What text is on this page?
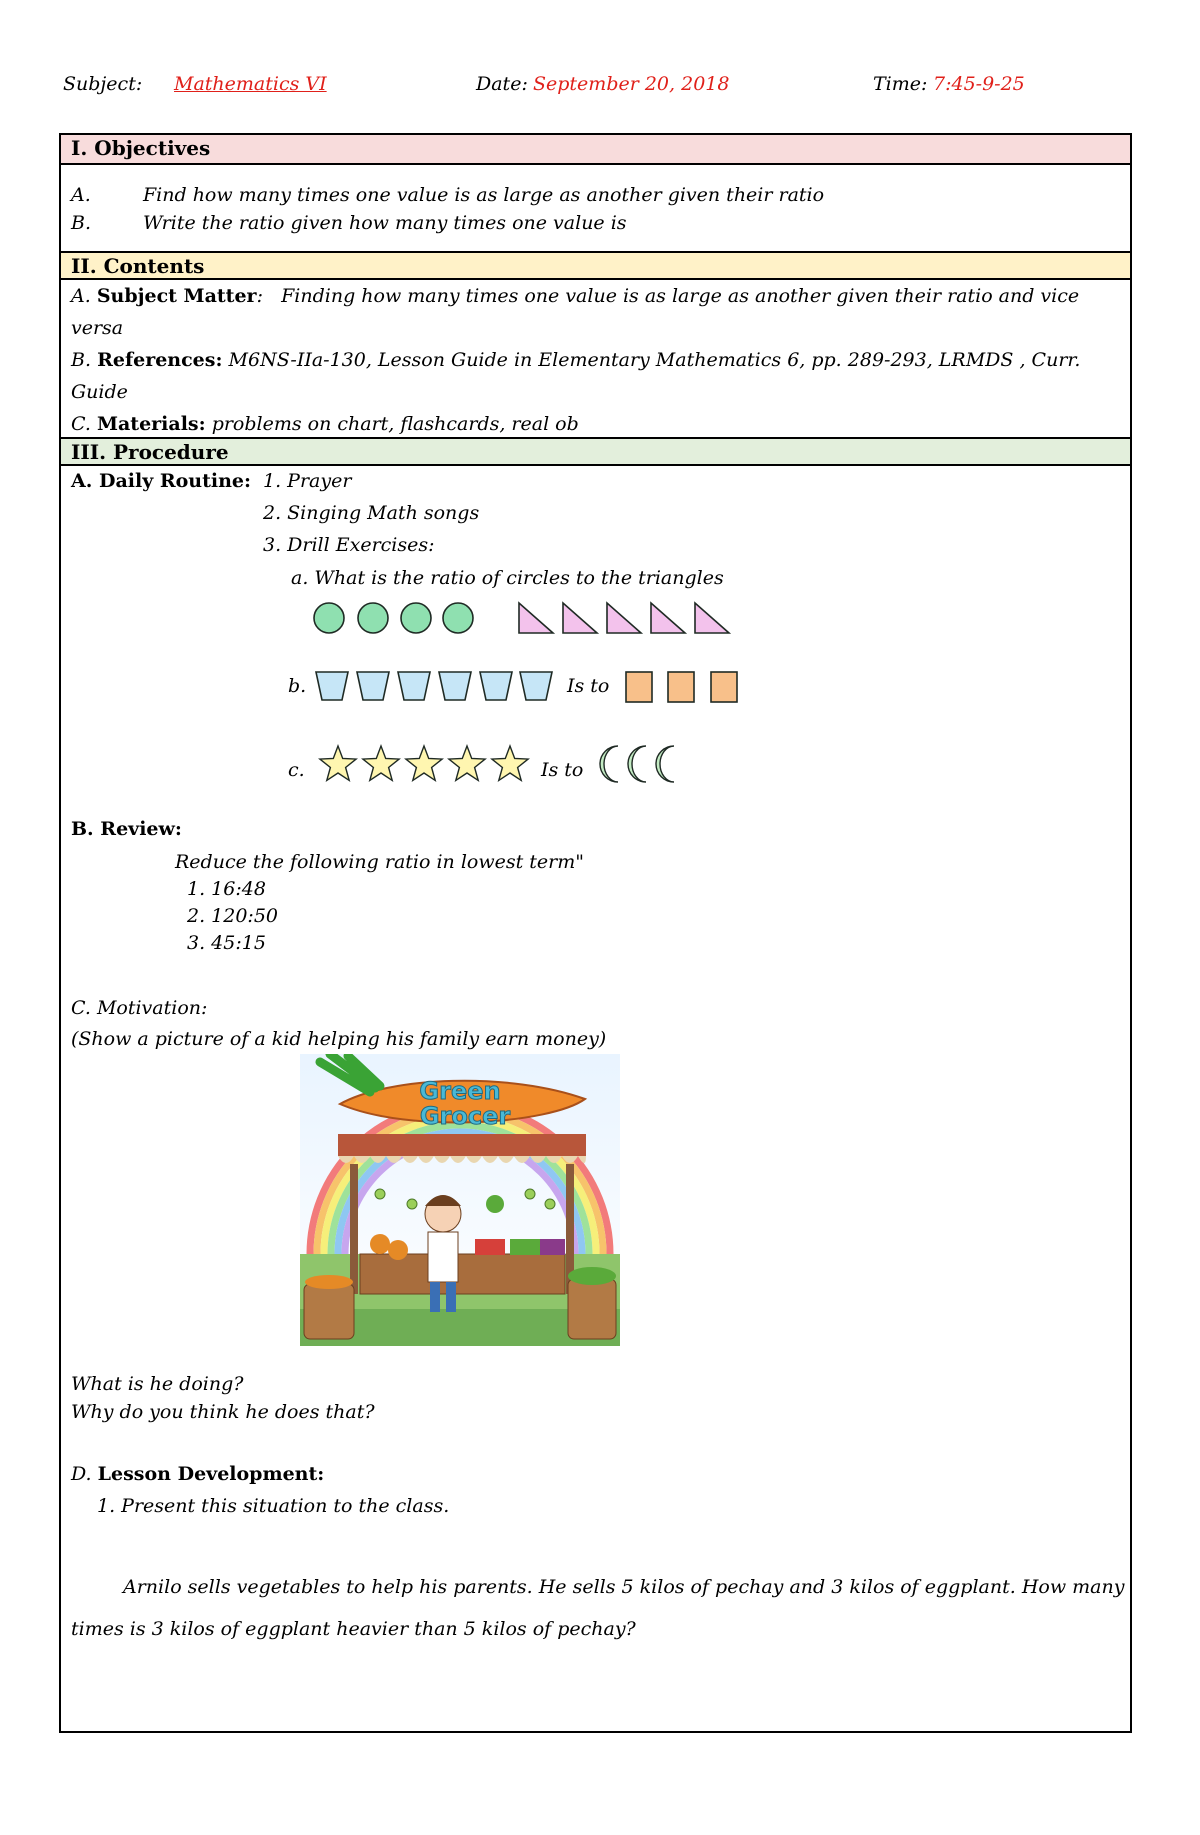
Subject: Mathematics VI	Date: September 20, 2018	Time: 7:45-9-25
I. Objectives
A.	Find how many times one value is as large as another given their ratio
B.	Write the ratio given how many times one value is
II. Contents
A. Subject Matter: Finding how many times one value is as large as another given their ratio and vice
versa
B. References: M6NS-IIa-130, Lesson Guide in Elementary Mathematics 6, pp. 289-293, LRMDS , Curr.
Guide
C. Materials: problems on chart, flashcards, real ob
III. Procedure
A. Daily Routine: 1. Prayer
2. Singing Math songs
3. Drill Exercises:
a. What is the ratio of circles to the triangles
b.	Is to
c.	Is to
B. Review:
Reduce the following ratio in lowest term"
1. 16:48
2. 120:50
3. 45:15
C. Motivation:
(Show a picture of a kid helping his family earn money)
Green
Grocer
What is he doing?
Why do you think he does that?
D. Lesson Development:
1. Present this situation to the class.
Arnilo sells vegetables to help his parents. He sells 5 kilos of pechay and 3 kilos of eggplant. How many
times is 3 kilos of eggplant heavier than 5 kilos of pechay?
